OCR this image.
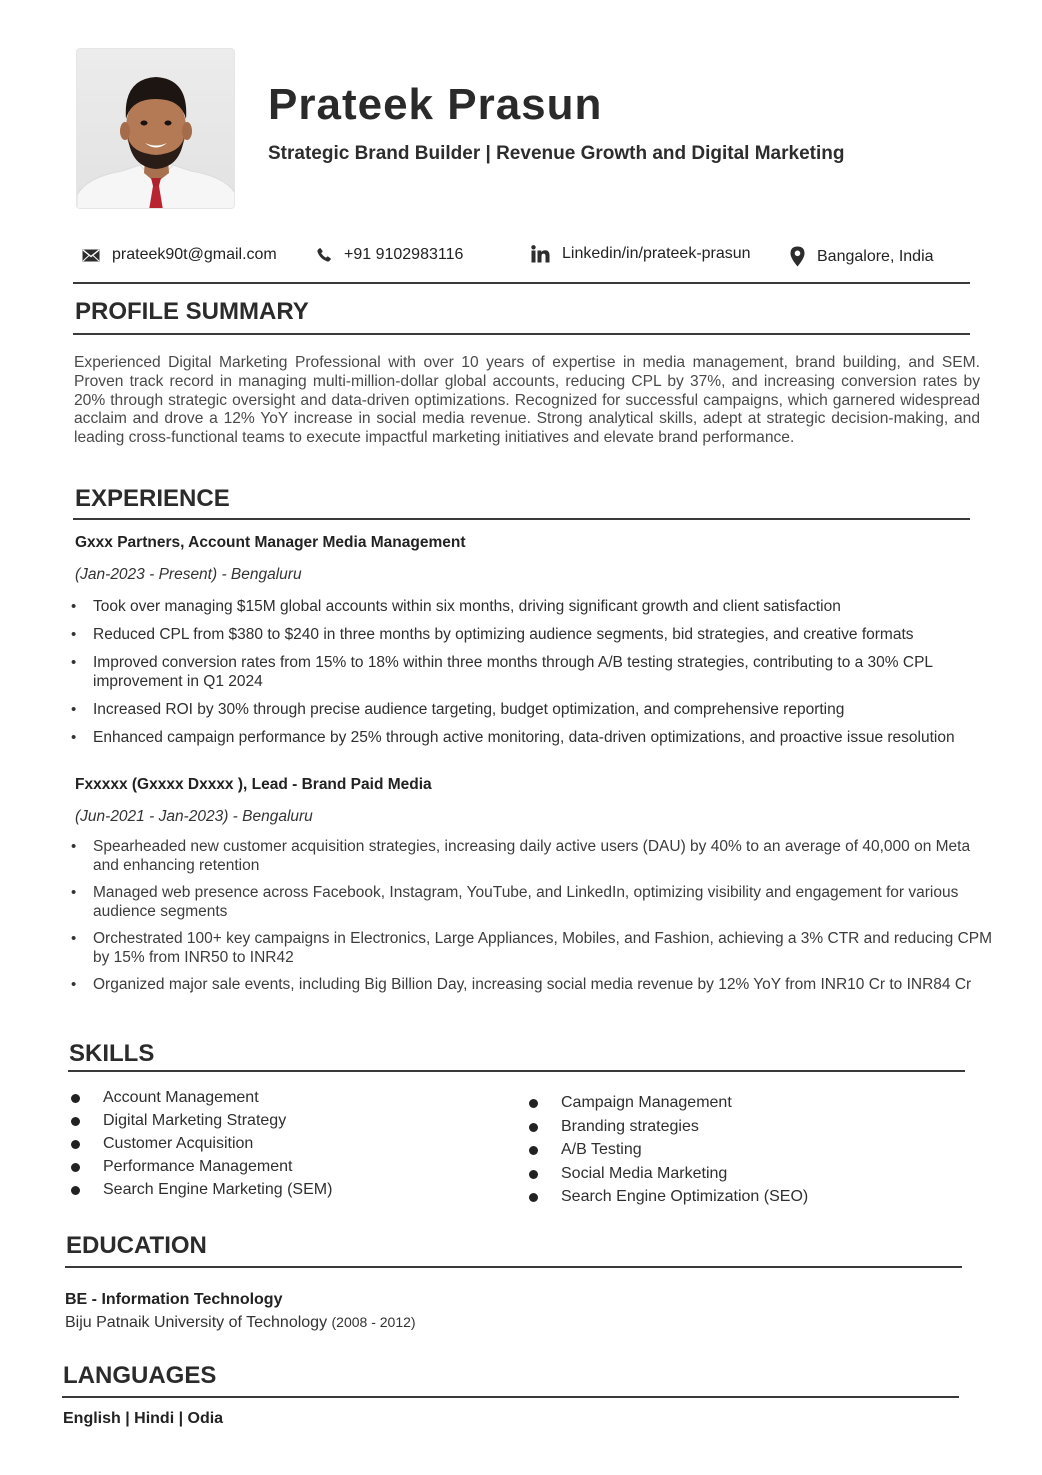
Prateek Prasun
Strategic Brand Builder | Revenue Growth and Digital Marketing
prateek90t@gmail.com	+91 9102983116	Linkedin/in/prateek-prasun	Bangalore, India
PROFILE SUMMARY
Experienced Digital Marketing Professional with over 10 years of expertise in media management, brand building, and SEM. Proven track record in managing multi-million-dollar global accounts, reducing CPL by 37%, and increasing conversion rates by 20% through strategic oversight and data-driven optimizations. Recognized for successful campaigns, which garnered widespread acclaim and drove a 12% YoY increase in social media revenue. Strong analytical skills, adept at strategic decision-making, and leading cross-functional teams to execute impactful marketing initiatives and elevate brand performance.
EXPERIENCE
Gxxx Partners, Account Manager Media Management
(Jan-2023 - Present) - Bengaluru
• Took over managing $15M global accounts within six months, driving significant growth and client satisfaction
• Reduced CPL from $380 to $240 in three months by optimizing audience segments, bid strategies, and creative formats
• Improved conversion rates from 15% to 18% within three months through A/B testing strategies, contributing to a 30% CPL improvement in Q1 2024
• Increased ROI by 30% through precise audience targeting, budget optimization, and comprehensive reporting
• Enhanced campaign performance by 25% through active monitoring, data-driven optimizations, and proactive issue resolution
Fxxxxx (Gxxxx Dxxxx ), Lead - Brand Paid Media
(Jun-2021 - Jan-2023) - Bengaluru
• Spearheaded new customer acquisition strategies, increasing daily active users (DAU) by 40% to an average of 40,000 on Meta and enhancing retention
• Managed web presence across Facebook, Instagram, YouTube, and LinkedIn, optimizing visibility and engagement for various audience segments
• Orchestrated 100+ key campaigns in Electronics, Large Appliances, Mobiles, and Fashion, achieving a 3% CTR and reducing CPM by 15% from INR50 to INR42
• Organized major sale events, including Big Billion Day, increasing social media revenue by 12% YoY from INR10 Cr to INR84 Cr
SKILLS
Account Management
Digital Marketing Strategy
Customer Acquisition
Performance Management
Search Engine Marketing (SEM)
Campaign Management
Branding strategies
A/B Testing
Social Media Marketing
Search Engine Optimization (SEO)
EDUCATION
BE - Information Technology
Biju Patnaik University of Technology (2008 - 2012)
LANGUAGES
English | Hindi | Odia
